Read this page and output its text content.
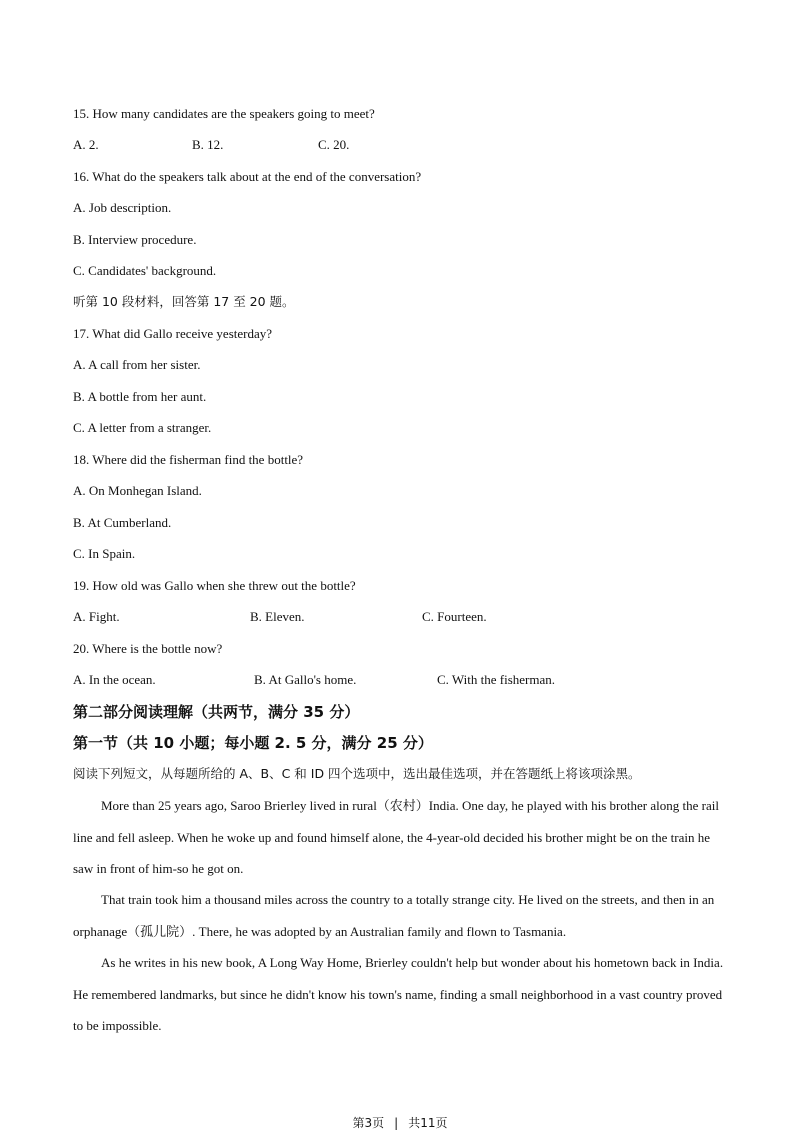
15. How many candidates are the speakers going to meet?
A. 2.	B. 12.	C. 20.
16. What do the speakers talk about at the end of the conversation?
A. Job description.
B. Interview procedure.
C. Candidates' background.
听第 10 段材料，回答第 17 至 20 题。
17. What did Gallo receive yesterday?
A. A call from her sister.
B. A bottle from her aunt.
C. A letter from a stranger.
18. Where did the fisherman find the bottle?
A. On Monhegan Island.
B. At Cumberland.
C. In Spain.
19. How old was Gallo when she threw out the bottle?
A. Fight.	B. Eleven.	C. Fourteen.
20. Where is the bottle now?
A. In the ocean.	B. At Gallo's home.	C. With the fisherman.
第二部分阅读理解（共两节，满分 35 分）
第一节（共 10 小题；每小题 2. 5 分，满分 25 分）
阅读下列短文，从每题所给的 A、B、C 和 ID 四个选项中，选出最佳选项，并在答题纸上将该项涂黑。
More than 25 years ago, Saroo Brierley lived in rural（农村）India. One day, he played with his brother along the rail line and fell asleep. When he woke up and found himself alone, the 4-year-old decided his brother might be on the train he saw in front of him-so he got on.
That train took him a thousand miles across the country to a totally strange city. He lived on the streets, and then in an orphanage（孤儿院）. There, he was adopted by an Australian family and flown to Tasmania.
As he writes in his new book, A Long Way Home, Brierley couldn't help but wonder about his hometown back in India. He remembered landmarks, but since he didn't know his town's name, finding a small neighborhood in a vast country proved to be impossible.
第3页 | 共11页
